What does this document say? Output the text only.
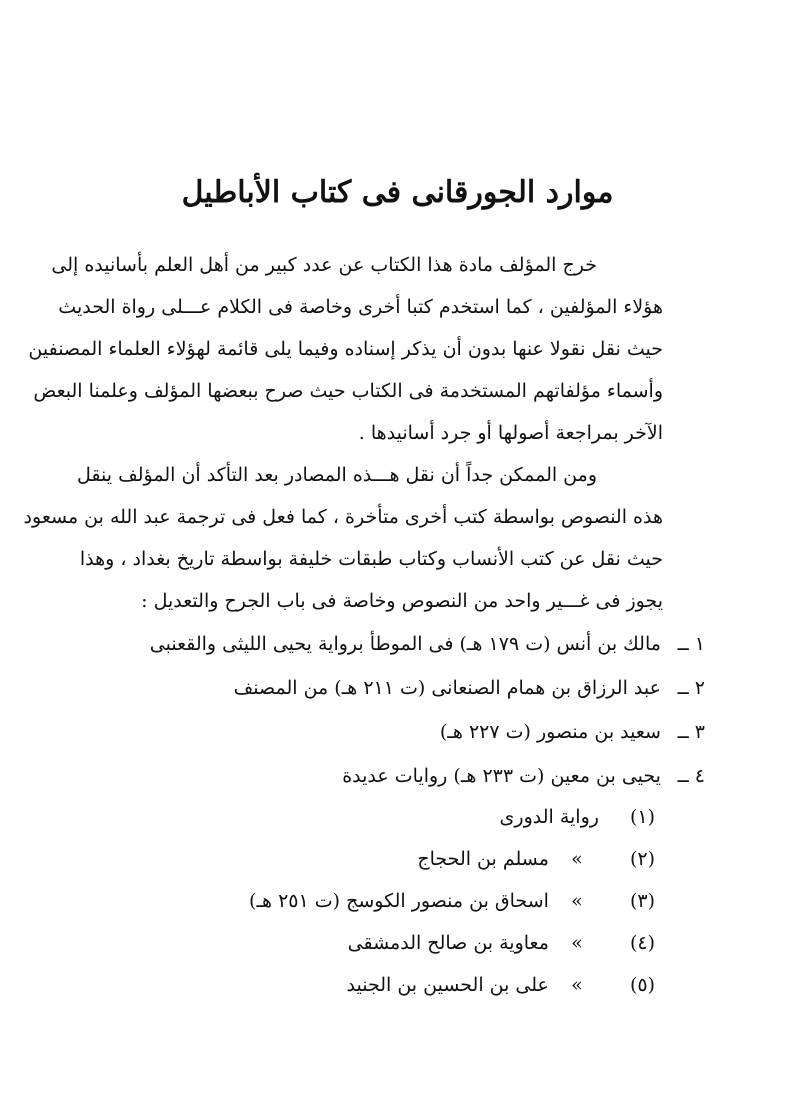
موارد الجورقانى فى كتاب الأباطيل

خرج المؤلف مادة هذا الكتاب عن عدد كبير من أهل العلم بأسانيده إلى
هؤلاء المؤلفين ، كما استخدم كتبا أخرى وخاصة فى الكلام عـــلى رواة الحديث
حيث نقل نقولا عنها بدون أن يذكر إسناده وفيما يلى قائمة لهؤلاء العلماء المصنفين
وأسماء مؤلفاتهم المستخدمة فى الكتاب حيث صرح ببعضها المؤلف وعلمنا البعض
الآخر بمراجعة أصولها أو جرد أسانيدها .

ومن الممكن جداً أن نقل هـــذه المصادر بعد التأكد أن المؤلف ينقل
هذه النصوص بواسطة كتب أخرى متأخرة ، كما فعل فى ترجمة عبد الله بن مسعود
حيث نقل عن كتب الأنساب وكتاب طبقات خليفة بواسطة تاريخ بغداد ، وهذا
يجوز فى غـــير واحد من النصوص وخاصة فى باب الجرح والتعديل :

١ ــ مالك بن أنس (ت ١٧٩ هـ) فى الموطأ برواية يحيى الليثى والقعنبى
٢ ــ عبد الرزاق بن همام الصنعانى (ت ٢١١ هـ) من المصنف
٣ ــ سعيد بن منصور (ت ٢٢٧ هـ)
٤ ــ يحيى بن معين (ت ٢٣٣ هـ) روايات عديدة
(١) رواية الدورى
(٢) » مسلم بن الحجاج
(٣) » اسحاق بن منصور الكوسج (ت ٢٥١ هـ)
(٤) » معاوية بن صالح الدمشقى
(٥) » على بن الحسين بن الجنيد
